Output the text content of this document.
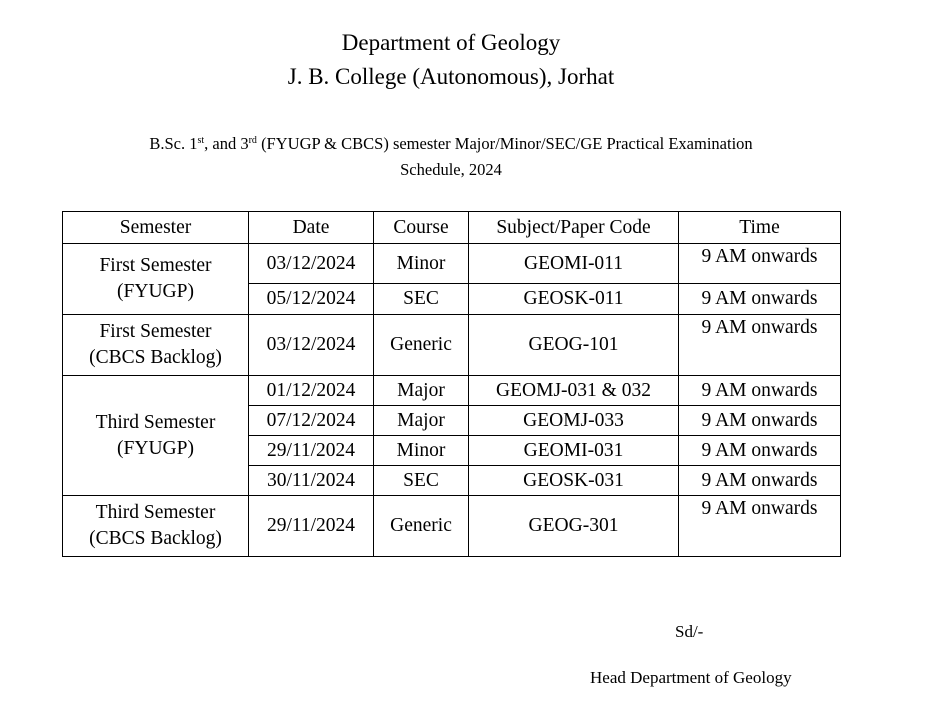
Department of Geology
J. B. College (Autonomous), Jorhat
B.Sc. 1st, and 3rd (FYUGP & CBCS) semester Major/Minor/SEC/GE Practical Examination
Schedule, 2024
Semester	Date	Course	Subject/Paper Code	Time

First Semester
(FYUGP)	03/12/2024	Minor	GEOMI-011	9 AM onwards
	05/12/2024	SEC	GEOSK-011	9 AM onwards

First Semester
(CBCS Backlog)	03/12/2024	Generic	GEOG-101	9 AM onwards

Third Semester
(FYUGP)	01/12/2024	Major	GEOMJ-031 & 032	9 AM onwards
	07/12/2024	Major	GEOMJ-033	9 AM onwards
	29/11/2024	Minor	GEOMI-031	9 AM onwards
	30/11/2024	SEC	GEOSK-031	9 AM onwards

Third Semester
(CBCS Backlog)	29/11/2024	Generic	GEOG-301	9 AM onwards
Sd/-
Head Department of Geology
